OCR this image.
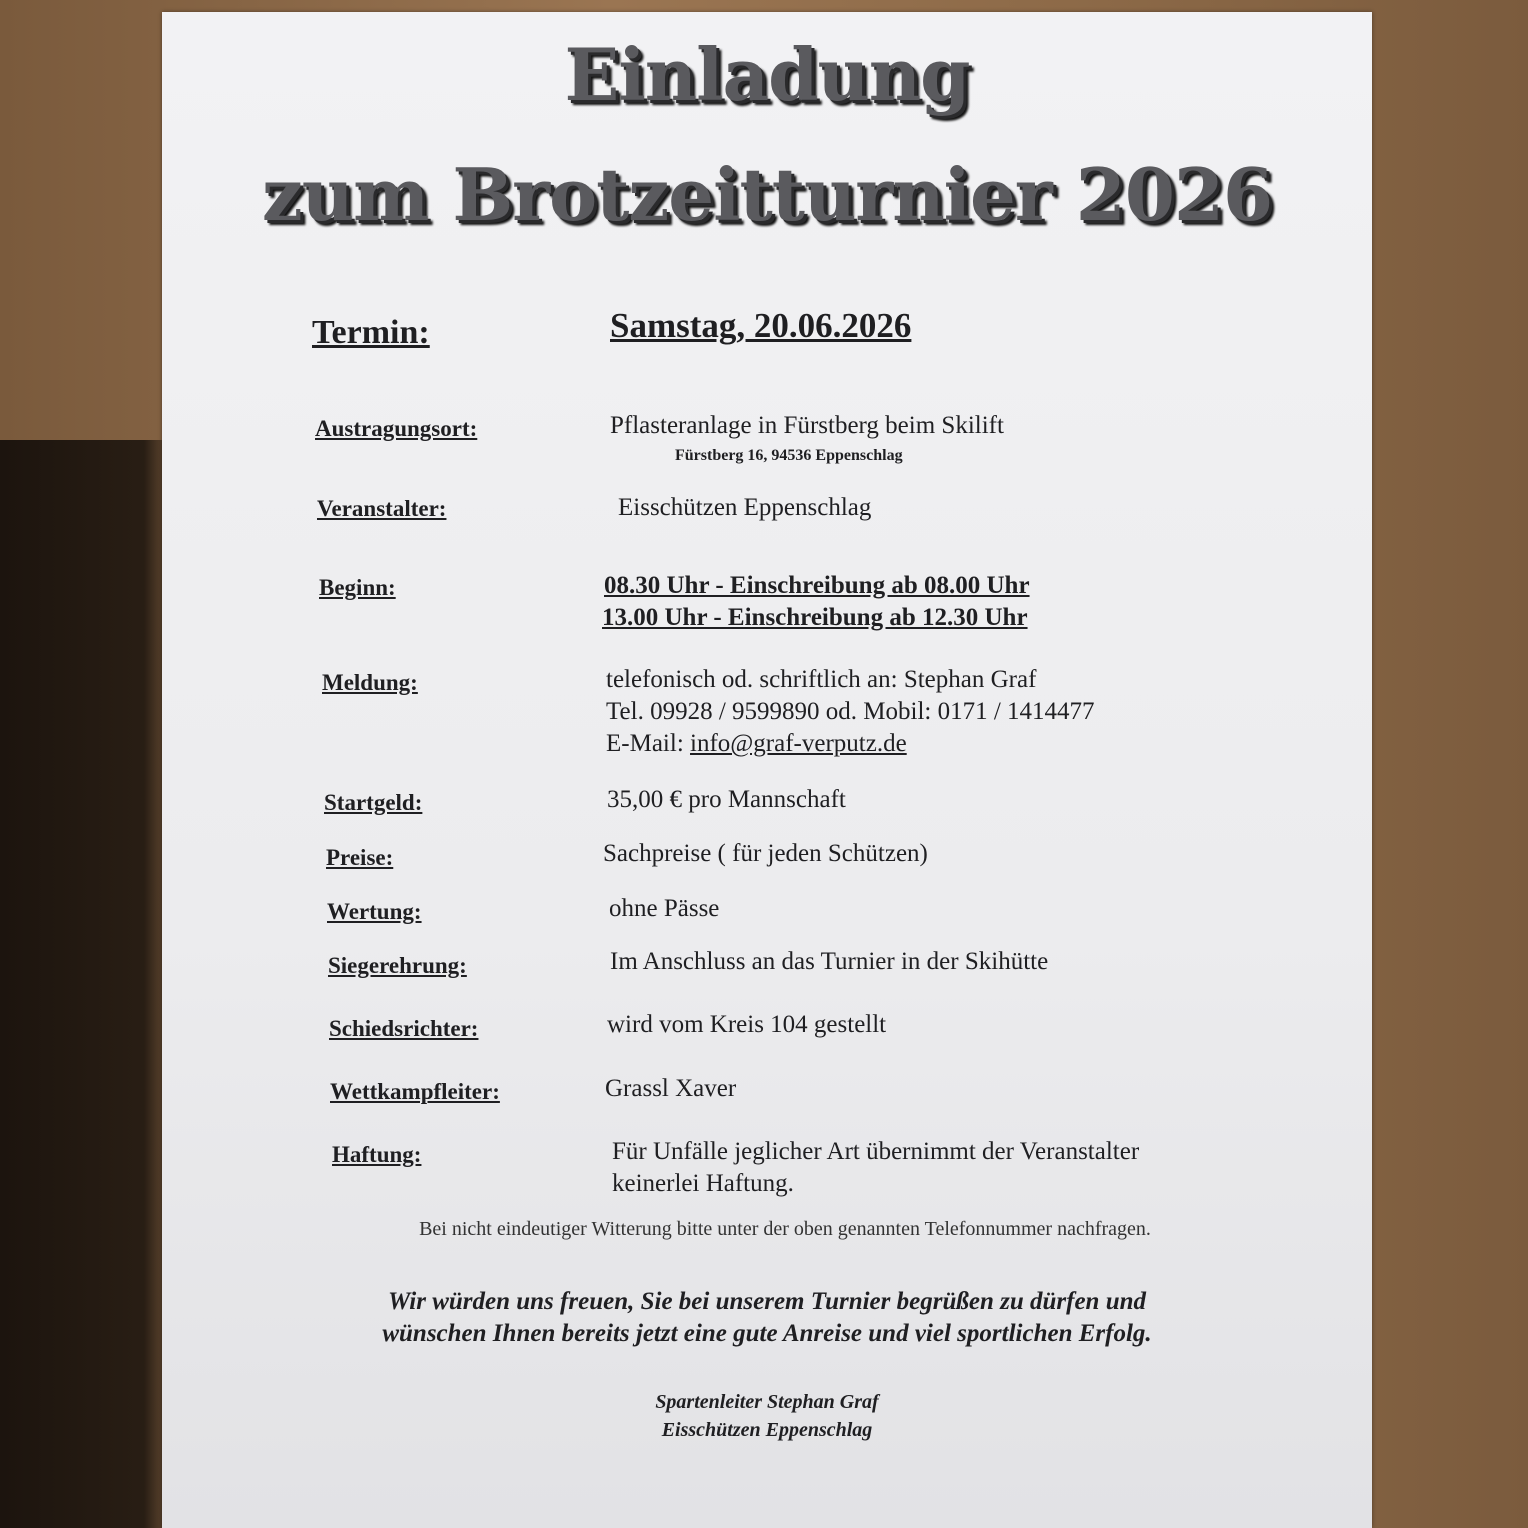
Einladung
zum Brotzeitturnier 2026
Termin:	Samstag, 20.06.2026
Austragungsort:	Pflasteranlage in Fürstberg beim Skilift
Fürstberg 16, 94536 Eppenschlag
Veranstalter:	Eisschützen Eppenschlag
Beginn:	08.30 Uhr - Einschreibung ab 08.00 Uhr
13.00 Uhr - Einschreibung ab 12.30 Uhr
Meldung:	telefonisch od. schriftlich an: Stephan Graf
Tel. 09928 / 9599890 od. Mobil: 0171 / 1414477
E-Mail: info@graf-verputz.de
Startgeld:	35,00 € pro Mannschaft
Preise:	Sachpreise ( für jeden Schützen)
Wertung:	ohne Pässe
Siegerehrung:	Im Anschluss an das Turnier in der Skihütte
Schiedsrichter:	wird vom Kreis 104 gestellt
Wettkampfleiter:	Grassl Xaver
Haftung:	Für Unfälle jeglicher Art übernimmt der Veranstalter
keinerlei Haftung.
Bei nicht eindeutiger Witterung bitte unter der oben genannten Telefonnummer nachfragen.
Wir würden uns freuen, Sie bei unserem Turnier begrüßen zu dürfen und
wünschen Ihnen bereits jetzt eine gute Anreise und viel sportlichen Erfolg.
Spartenleiter Stephan Graf
Eisschützen Eppenschlag
